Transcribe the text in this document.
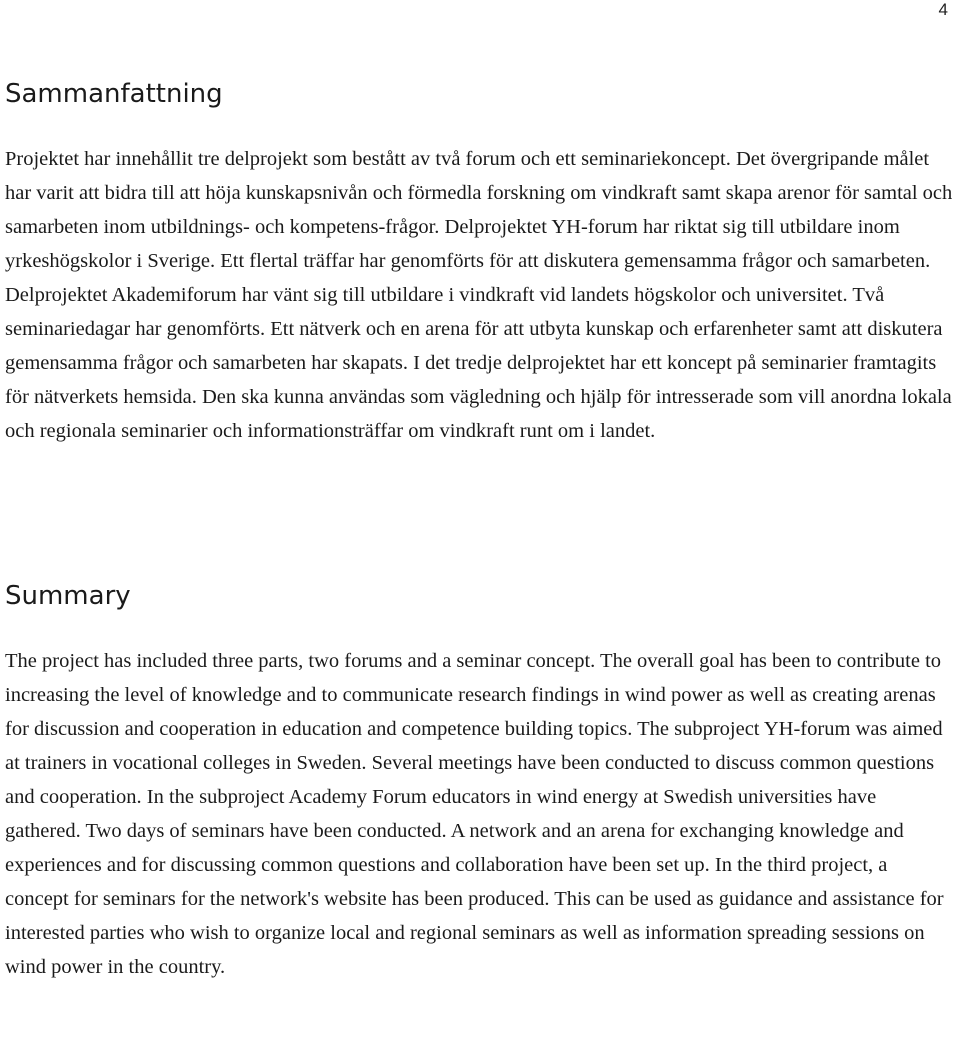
4
Sammanfattning

Projektet har innehållit tre delprojekt som bestått av två forum och ett seminariekoncept. Det övergripande målet har varit att bidra till att höja kunskapsnivån och förmedla forskning om vindkraft samt skapa arenor för samtal och samarbeten inom utbildnings- och kompetens-frågor. Delprojektet YH-forum har riktat sig till utbildare inom yrkeshögskolor i Sverige. Ett flertal träffar har genomförts för att diskutera gemensamma frågor och samarbeten. Delprojektet Akademiforum har vänt sig till utbildare i vindkraft vid landets högskolor och universitet. Två seminariedagar har genomförts. Ett nätverk och en arena för att utbyta kunskap och erfarenheter samt att diskutera gemensamma frågor och samarbeten har skapats. I det tredje delprojektet har ett koncept på seminarier framtagits för nätverkets hemsida. Den ska kunna användas som vägledning och hjälp för intresserade som vill anordna lokala och regionala seminarier och informationsträffar om vindkraft runt om i landet.

Summary

The project has included three parts, two forums and a seminar concept. The overall goal has been to contribute to increasing the level of knowledge and to communicate research findings in wind power as well as creating arenas for discussion and cooperation in education and competence building topics. The subproject YH-forum was aimed at trainers in vocational colleges in Sweden. Several meetings have been conducted to discuss common questions and cooperation. In the subproject Academy Forum educators in wind energy at Swedish universities have gathered. Two days of seminars have been conducted. A network and an arena for exchanging knowledge and experiences and for discussing common questions and collaboration have been set up. In the third project, a concept for seminars for the network's website has been produced. This can be used as guidance and assistance for interested parties who wish to organize local and regional seminars as well as information spreading sessions on wind power in the country.
